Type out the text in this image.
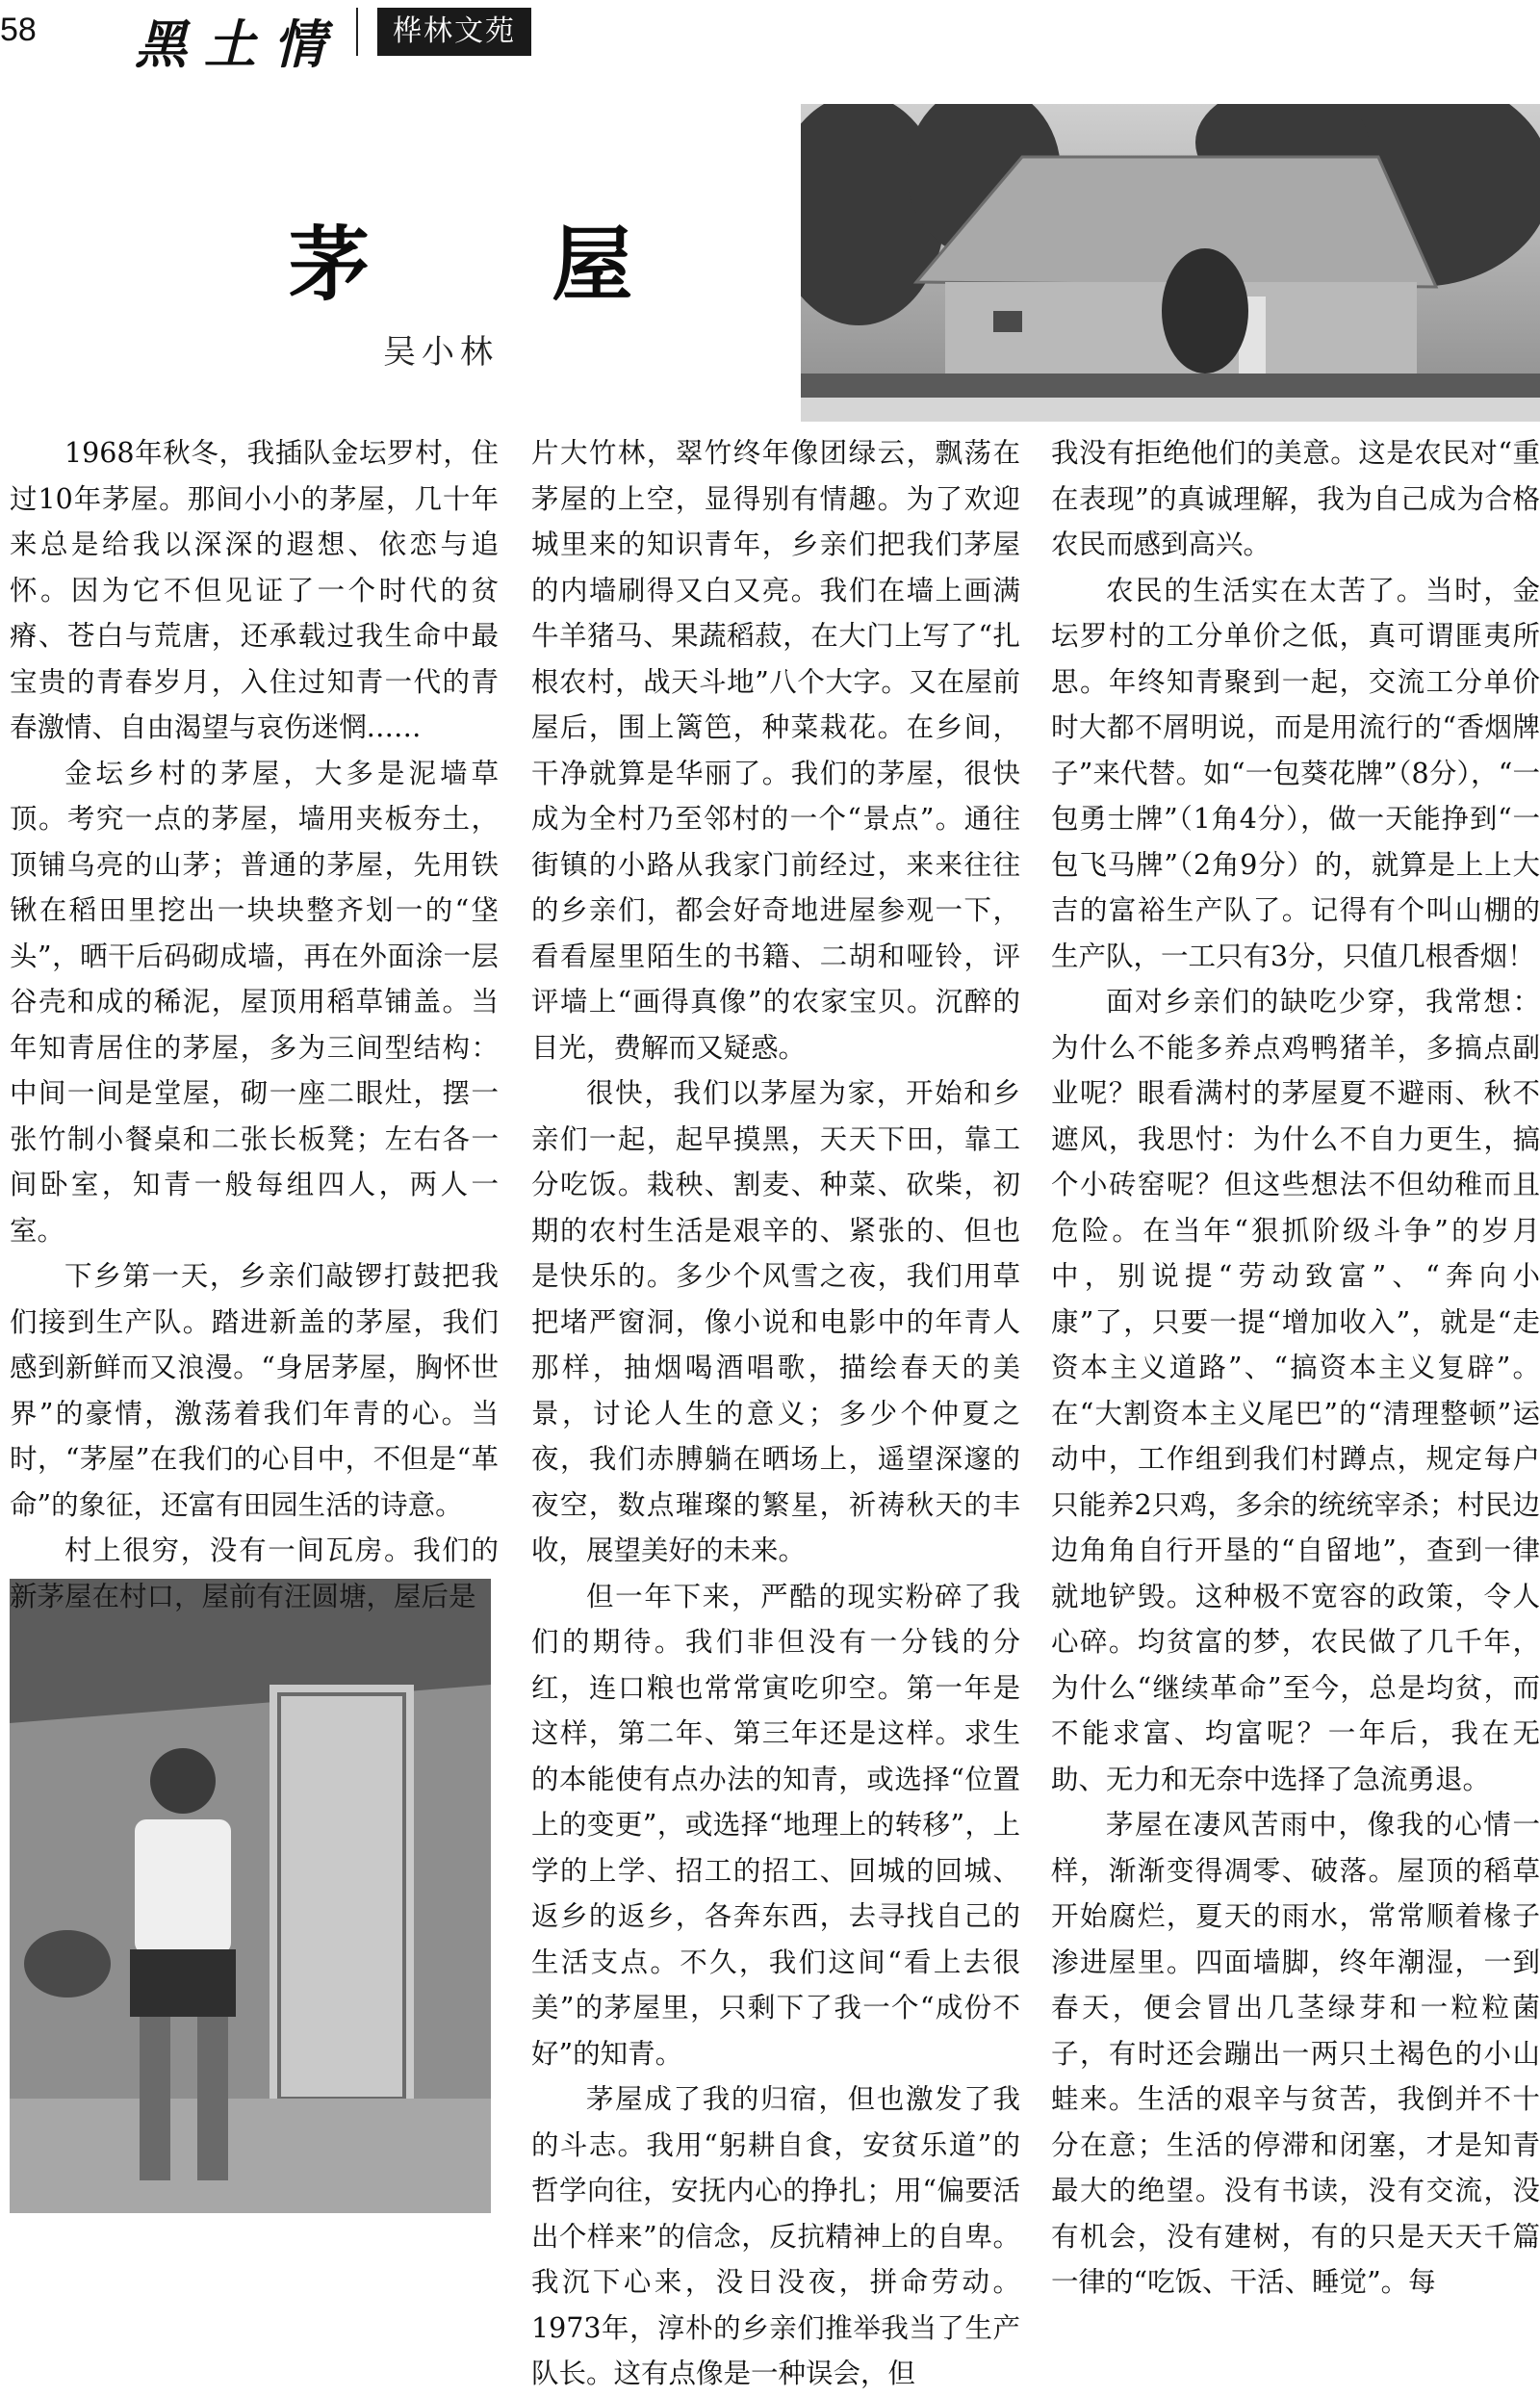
58 黑土情	桦林文苑
茅 屋
吴小林

1968年秋冬，我插队金坛罗村，住过10年茅屋。那间小小的茅屋，几十年来总是给我以深深的遐想、依恋与追怀。因为它不但见证了一个时代的贫瘠、苍白与荒唐，还承载过我生命中最宝贵的青春岁月，入住过知青一代的青春激情、自由渴望与哀伤迷惘……

金坛乡村的茅屋，大多是泥墙草顶。考究一点的茅屋，墙用夹板夯土，顶铺乌亮的山茅；普通的茅屋，先用铁锹在稻田里挖出一块块整齐划一的“垡头”，晒干后码砌成墙，再在外面涂一层谷壳和成的稀泥，屋顶用稻草铺盖。当年知青居住的茅屋，多为三间型结构：中间一间是堂屋，砌一座二眼灶，摆一张竹制小餐桌和二张长板凳；左右各一间卧室，知青一般每组四人，两人一室。

下乡第一天，乡亲们敲锣打鼓把我们接到生产队。踏进新盖的茅屋，我们感到新鲜而又浪漫。“身居茅屋，胸怀世界”的豪情，激荡着我们年青的心。当时，“茅屋”在我们的心目中，不但是“革命”的象征，还富有田园生活的诗意。

村上很穷，没有一间瓦房。我们的新茅屋在村口，屋前有汪圆塘，屋后是

片大竹林，翠竹终年像团绿云，飘荡在茅屋的上空，显得别有情趣。为了欢迎城里来的知识青年，乡亲们把我们茅屋的内墙刷得又白又亮。我们在墙上画满牛羊猪马、果蔬稻菽，在大门上写了“扎根农村，战天斗地”八个大字。又在屋前屋后，围上篱笆，种菜栽花。在乡间，干净就算是华丽了。我们的茅屋，很快成为全村乃至邻村的一个“景点”。通往街镇的小路从我家门前经过，来来往往的乡亲们，都会好奇地进屋参观一下，看看屋里陌生的书籍、二胡和哑铃，评评墙上“画得真像”的农家宝贝。沉醉的目光，费解而又疑惑。

很快，我们以茅屋为家，开始和乡亲们一起，起早摸黑，天天下田，靠工分吃饭。栽秧、割麦、种菜、砍柴，初期的农村生活是艰辛的、紧张的、但也是快乐的。多少个风雪之夜，我们用草把堵严窗洞，像小说和电影中的年青人那样，抽烟喝酒唱歌，描绘春天的美景，讨论人生的意义；多少个仲夏之夜，我们赤膊躺在晒场上，遥望深邃的夜空，数点璀璨的繁星，祈祷秋天的丰收，展望美好的未来。

但一年下来，严酷的现实粉碎了我们的期待。我们非但没有一分钱的分红，连口粮也常常寅吃卯空。第一年是这样，第二年、第三年还是这样。求生的本能使有点办法的知青，或选择“位置上的变更”，或选择“地理上的转移”，上学的上学、招工的招工、回城的回城、返乡的返乡，各奔东西，去寻找自己的生活支点。不久，我们这间“看上去很美”的茅屋里，只剩下了我一个“成份不好”的知青。

茅屋成了我的归宿，但也激发了我的斗志。我用“躬耕自食，安贫乐道”的哲学向往，安抚内心的挣扎；用“偏要活出个样来”的信念，反抗精神上的自卑。我沉下心来，没日没夜，拼命劳动。1973年，淳朴的乡亲们推举我当了生产队长。这有点像是一种误会，但

我没有拒绝他们的美意。这是农民对“重在表现”的真诚理解，我为自己成为合格农民而感到高兴。

农民的生活实在太苦了。当时，金坛罗村的工分单价之低，真可谓匪夷所思。年终知青聚到一起，交流工分单价时大都不屑明说，而是用流行的“香烟牌子”来代替。如“一包葵花牌”（8分），“一包勇士牌”（1角4分），做一天能挣到“一包飞马牌”（2角9分）的，就算是上上大吉的富裕生产队了。记得有个叫山棚的生产队，一工只有3分，只值几根香烟！

面对乡亲们的缺吃少穿，我常想：为什么不能多养点鸡鸭猪羊，多搞点副业呢？眼看满村的茅屋夏不避雨、秋不遮风，我思忖：为什么不自力更生，搞个小砖窑呢？但这些想法不但幼稚而且危险。在当年“狠抓阶级斗争”的岁月中，别说提“劳动致富”、“奔向小康”了，只要一提“增加收入”，就是“走资本主义道路”、“搞资本主义复辟”。在“大割资本主义尾巴”的“清理整顿”运动中，工作组到我们村蹲点，规定每户只能养2只鸡，多余的统统宰杀；村民边边角角自行开垦的“自留地”，查到一律就地铲毁。这种极不宽容的政策，令人心碎。均贫富的梦，农民做了几千年，为什么“继续革命”至今，总是均贫，而不能求富、均富呢？一年后，我在无助、无力和无奈中选择了急流勇退。

茅屋在凄风苦雨中，像我的心情一样，渐渐变得凋零、破落。屋顶的稻草开始腐烂，夏天的雨水，常常顺着椽子渗进屋里。四面墙脚，终年潮湿，一到春天，便会冒出几茎绿芽和一粒粒菌子，有时还会蹦出一两只土褐色的小山蛙来。生活的艰辛与贫苦，我倒并不十分在意；生活的停滞和闭塞，才是知青最大的绝望。没有书读，没有交流，没有机会，没有建树，有的只是天天千篇一律的“吃饭、干活、睡觉”。每
